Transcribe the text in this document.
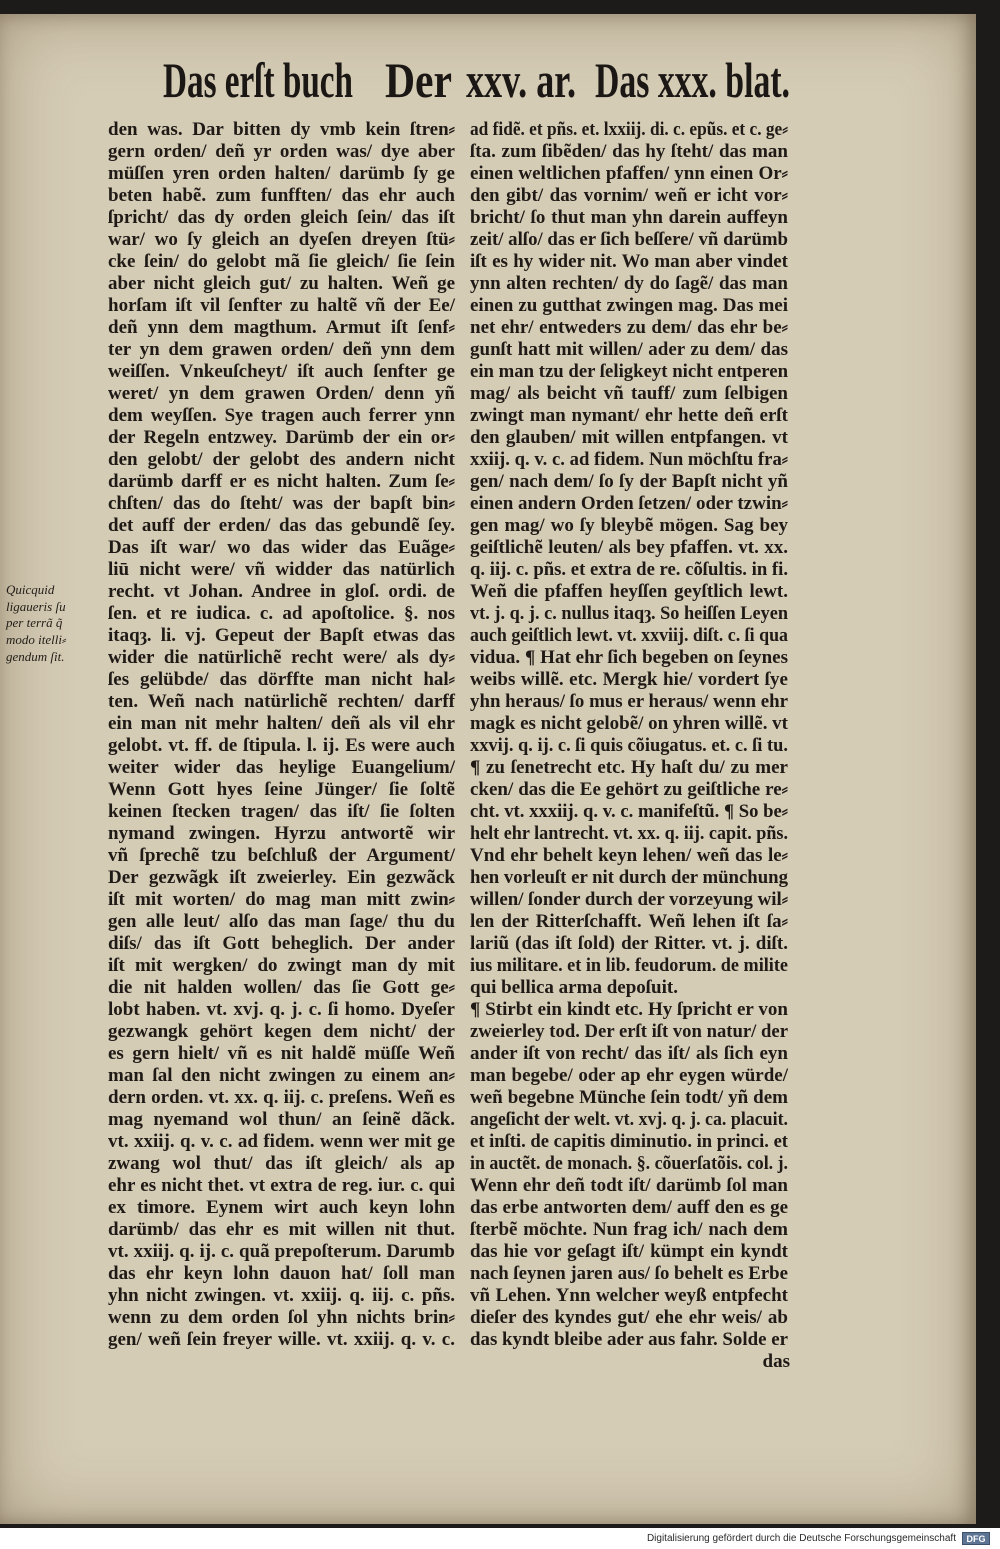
Das erſt buch Der xxv. ar. Das xxx. blat.
Quicquid
ligaueris ſu
per terrã q̃
modo itelli⸗
gendum ſit.
den was. Dar bitten dy vmb kein ſtren⸗
gern orden/ deñ yr orden was/ dye aber
müſſen yren orden halten/ darümb ſy ge
beten habẽ. zum funfften/ das ehr auch
ſpricht/ das dy orden gleich ſein/ das iſt
war/ wo ſy gleich an dyeſen dreyen ſtü⸗
cke ſein/ do gelobt mã ſie gleich/ ſie ſein
aber nicht gleich gut/ zu halten. Weñ ge
horſam iſt vil ſenfter zu haltẽ vñ der Ee/
deñ ynn dem magthum. Armut iſt ſenf⸗
ter yn dem grawen orden/ deñ ynn dem
weiſſen. Vnkeuſcheyt/ iſt auch ſenfter ge
weret/ yn dem grawen Orden/ denn yñ
dem weyſſen. Sye tragen auch ferrer ynn
der Regeln entzwey. Darümb der ein or⸗
den gelobt/ der gelobt des andern nicht
darümb darff er es nicht halten. Zum ſe⸗
chſten/ das do ſteht/ was der bapſt bin⸗
det auff der erden/ das das gebundẽ ſey.
Das iſt war/ wo das wider das Euãge⸗
liū nicht were/ vñ widder das natürlich
recht. vt Johan. Andree in gloſ. ordi. de
ſen. et re iudica. c. ad apoſtolice. §. nos
itaqȝ. li. vj. Gepeut der Bapſt etwas das
wider die natürlichẽ recht were/ als dy⸗
ſes gelübde/ das dörffte man nicht hal⸗
ten. Weñ nach natürlichẽ rechten/ darff
ein man nit mehr halten/ deñ als vil ehr
gelobt. vt. ff. de ſtipula. l. ij. Es were auch
weiter wider das heylige Euangelium/
Wenn Gott hyes ſeine Jünger/ ſie ſoltẽ
keinen ſtecken tragen/ das iſt/ ſie ſolten
nymand zwingen. Hyrzu antwortẽ wir
vñ ſprechẽ tzu beſchluß der Argument/
Der gezwãgk iſt zweierley. Ein gezwãck
iſt mit worten/ do mag man mitt zwin⸗
gen alle leut/ alſo das man ſage/ thu du
diſs/ das iſt Gott beheglich. Der ander
iſt mit wergken/ do zwingt man dy mit
die nit halden wollen/ das ſie Gott ge⸗
lobt haben. vt. xvj. q. j. c. ſi homo. Dyeſer
gezwangk gehört kegen dem nicht/ der
es gern hielt/ vñ es nit haldẽ müſſe Weñ
man ſal den nicht zwingen zu einem an⸗
dern orden. vt. xx. q. iij. c. preſens. Weñ es
mag nyemand wol thun/ an ſeinẽ dãck.
vt. xxiij. q. v. c. ad fidem. wenn wer mit ge
zwang wol thut/ das iſt gleich/ als ap
ehr es nicht thet. vt extra de reg. iur. c. qui
ex timore. Eynem wirt auch keyn lohn
darümb/ das ehr es mit willen nit thut.
vt. xxiij. q. ij. c. quã prepoſterum. Darumb
das ehr keyn lohn dauon hat/ ſoll man
yhn nicht zwingen. vt. xxiij. q. iij. c. pñs.
wenn zu dem orden ſol yhn nichts brin⸗
gen/ weñ ſein freyer wille. vt. xxiij. q. v. c.
ad fidẽ. et pñs. et. lxxiij. di. c. epũs. et c. ge⸗
ſta. zum ſibẽden/ das hy ſteht/ das man
einen weltlichen pfaffen/ ynn einen Or⸗
den gibt/ das vornim/ weñ er icht vor⸗
bricht/ ſo thut man yhn darein auffeyn
zeit/ alſo/ das er ſich beſſere/ vñ darümb
iſt es hy wider nit. Wo man aber vindet
ynn alten rechten/ dy do ſagẽ/ das man
einen zu gutthat zwingen mag. Das mei
net ehr/ entweders zu dem/ das ehr be⸗
gunſt hatt mit willen/ ader zu dem/ das
ein man tzu der ſeligkeyt nicht entperen
mag/ als beicht vñ tauff/ zum ſelbigen
zwingt man nymant/ ehr hette deñ erſt
den glauben/ mit willen entpfangen. vt
xxiij. q. v. c. ad fidem. Nun möchſtu fra⸗
gen/ nach dem/ ſo ſy der Bapſt nicht yñ
einen andern Orden ſetzen/ oder tzwin⸗
gen mag/ wo ſy bleybẽ mögen. Sag bey
geiſtlichẽ leuten/ als bey pfaffen. vt. xx.
q. iij. c. pñs. et extra de re. cõſultis. in fi.
Weñ die pfaffen heyſſen geyſtlich lewt.
vt. j. q. j. c. nullus itaqȝ. So heiſſen Leyen
auch geiſtlich lewt. vt. xxviij. diſt. c. ſi qua
vidua. ¶ Hat ehr ſich begeben on ſeynes
weibs willẽ. etc. Mergk hie/ vordert ſye
yhn heraus/ ſo mus er heraus/ wenn ehr
magk es nicht gelobẽ/ on yhren willẽ. vt
xxvij. q. ij. c. ſi quis cõiugatus. et. c. ſi tu.
¶ zu ſenetrecht etc. Hy haſt du/ zu mer
cken/ das die Ee gehört zu geiſtliche re⸗
cht. vt. xxxiij. q. v. c. manifeſtũ. ¶ So be⸗
helt ehr lantrecht. vt. xx. q. iij. capit. pñs.
Vnd ehr behelt keyn lehen/ weñ das le⸗
hen vorleuſt er nit durch der münchung
willen/ ſonder durch der vorzeyung wil⸗
len der Ritterſchafft. Weñ lehen iſt ſa⸗
lariũ (das iſt ſold) der Ritter. vt. j. diſt.
ius militare. et in lib. feudorum. de milite
qui bellica arma depoſuit.
¶ Stirbt ein kindt etc. Hy ſpricht er von
zweierley tod. Der erſt iſt von natur/ der
ander iſt von recht/ das iſt/ als ſich eyn
man begebe/ oder ap ehr eygen würde/
weñ begebne Münche ſein todt/ yñ dem
angeſicht der welt. vt. xvj. q. j. ca. placuit.
et inſti. de capitis diminutio. in princi. et
in auctẽt. de monach. §. cõuerſatõis. col. j.
Wenn ehr deñ todt iſt/ darümb ſol man
das erbe antworten dem/ auff den es ge
ſterbẽ möchte. Nun frag ich/ nach dem
das hie vor geſagt iſt/ kümpt ein kyndt
nach ſeynen jaren aus/ ſo behelt es Erbe
vñ Lehen. Ynn welcher weyß entpfecht
dieſer des kyndes gut/ ehe ehr weis/ ab
das kyndt bleibe ader aus fahr. Solde er
das
Digitalisierung gefördert durch die Deutsche Forschungsgemeinschaft	DFG
